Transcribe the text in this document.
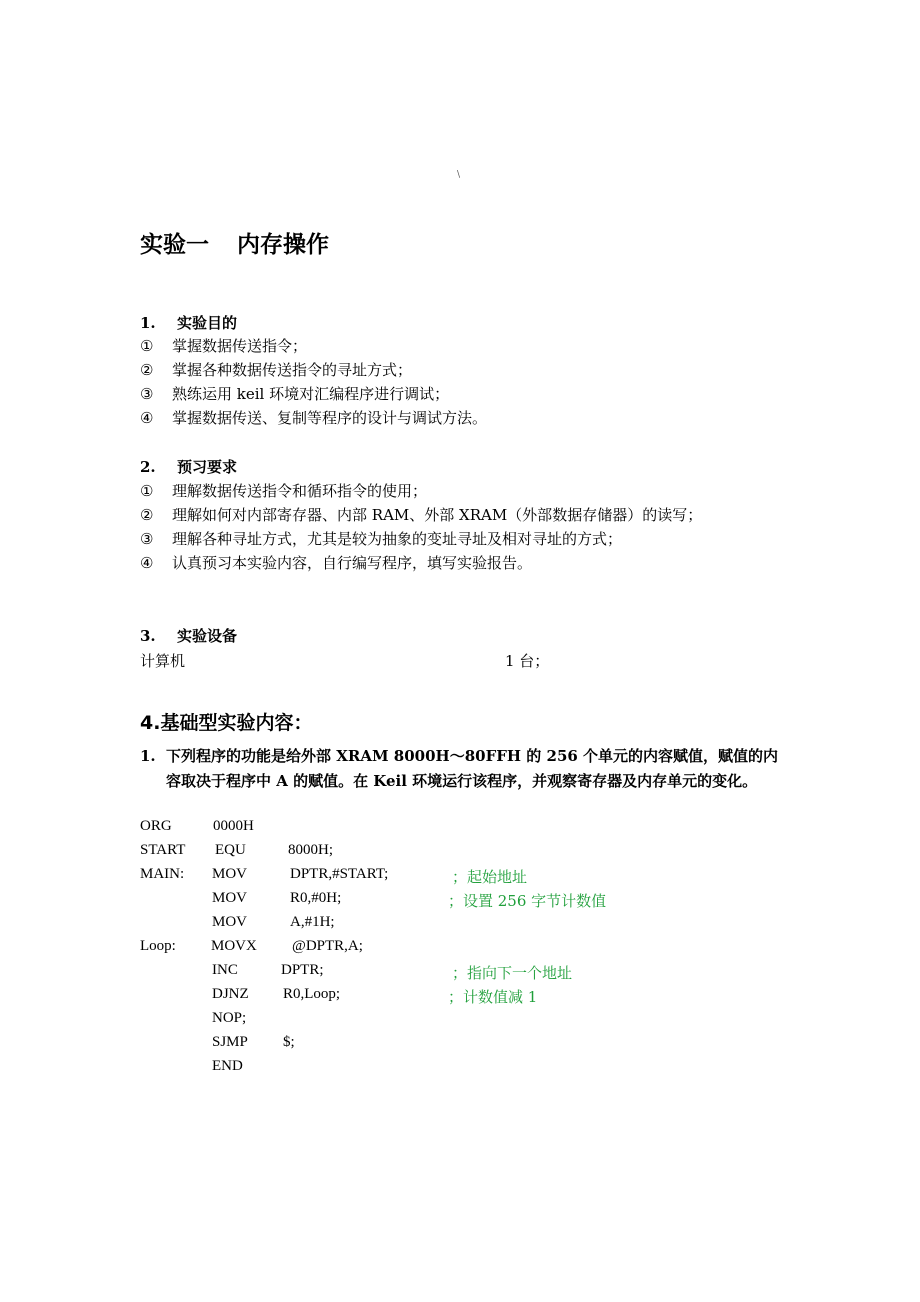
\
实验一 内存操作
1. 实验目的
① 掌握数据传送指令；
② 掌握各种数据传送指令的寻址方式；
③ 熟练运用 keil 环境对汇编程序进行调试；
④ 掌握数据传送、复制等程序的设计与调试方法。
2. 预习要求
① 理解数据传送指令和循环指令的使用；
② 理解如何对内部寄存器、内部 RAM、外部 XRAM（外部数据存储器）的读写；
③ 理解各种寻址方式，尤其是较为抽象的变址寻址及相对寻址的方式；
④ 认真预习本实验内容，自行编写程序，填写实验报告。
3. 实验设备
计算机	1 台；
4.基础型实验内容：
1. 下列程序的功能是给外部 XRAM 8000H～80FFH 的 256 个单元的内容赋值，赋值的内
容取决于程序中 A 的赋值。在 Keil 环境运行该程序，并观察寄存器及内存单元的变化。
ORG	0000H
START EQU	8000H;
MAIN: MOV	DPTR,#START;	；起始地址
MOV	R0,#0H;	；设置 256 字节计数值
MOV	A,#1H;
Loop: MOVX @DPTR,A;
INC	DPTR;	；指向下一个地址
DJNZ R0,Loop;	；计数值减 1
NOP;
SJMP $;
END
